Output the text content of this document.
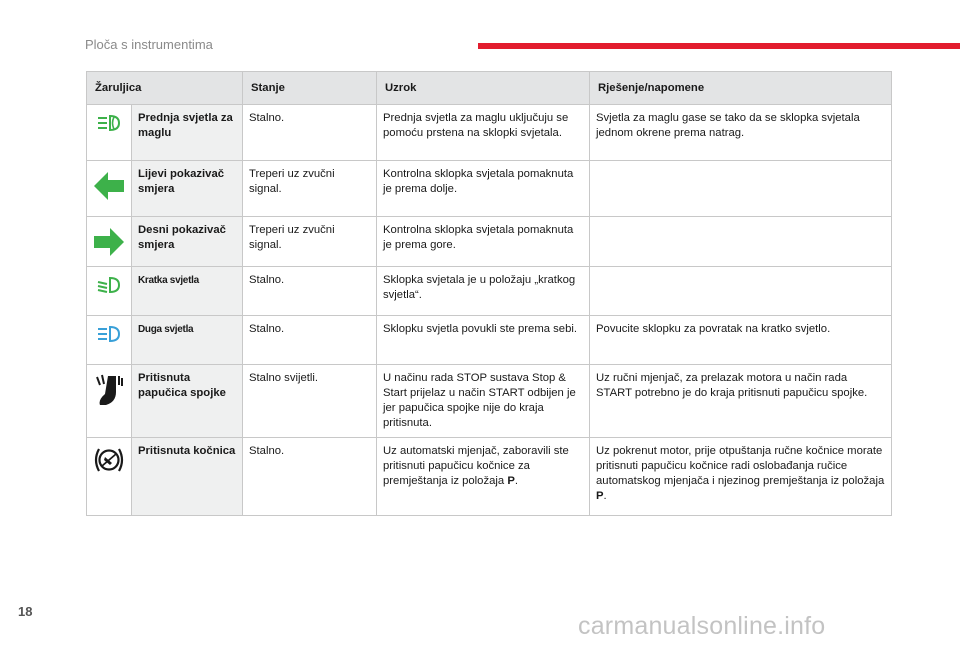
Ploča s instrumentima
Žaruljica		Stanje	Uzrok	Rješenje/napomene

	Prednja svjetla za maglu	Stalno.	Prednja svjetla za maglu uključuju se pomoću prstena na sklopki svjetala.	Svjetla za maglu gase se tako da se sklopka svjetala jednom okrene prema natrag.

	Lijevi pokazivač smjera	Treperi uz zvučni signal.	Kontrolna sklopka svjetala pomaknuta je prema dolje.	

	Desni pokazivač smjera	Treperi uz zvučni signal.	Kontrolna sklopka svjetala pomaknuta je prema gore.	

	Kratka svjetla	Stalno.	Sklopka svjetala je u položaju „kratkog svjetla“.	

	Duga svjetla	Stalno.	Sklopku svjetla povukli ste prema sebi.	Povucite sklopku za povratak na kratko svjetlo.

	Pritisnuta papučica spojke	Stalno svijetli.	U načinu rada STOP sustava Stop & Start prijelaz u način START odbijen je jer papučica spojke nije do kraja pritisnuta.	Uz ručni mjenjač, za prelazak motora u način rada START potrebno je do kraja pritisnuti papučicu spojke.

	Pritisnuta kočnica	Stalno.	Uz automatski mjenjač, zaboravili ste pritisnuti papučicu kočnice za premještanja iz položaja P.	Uz pokrenut motor, prije otpuštanja ručne kočnice morate pritisnuti papučicu kočnice radi oslobađanja ručice automatskog mjenjača i njezinog premještanja iz položaja P.
18
carmanualsonline.info
